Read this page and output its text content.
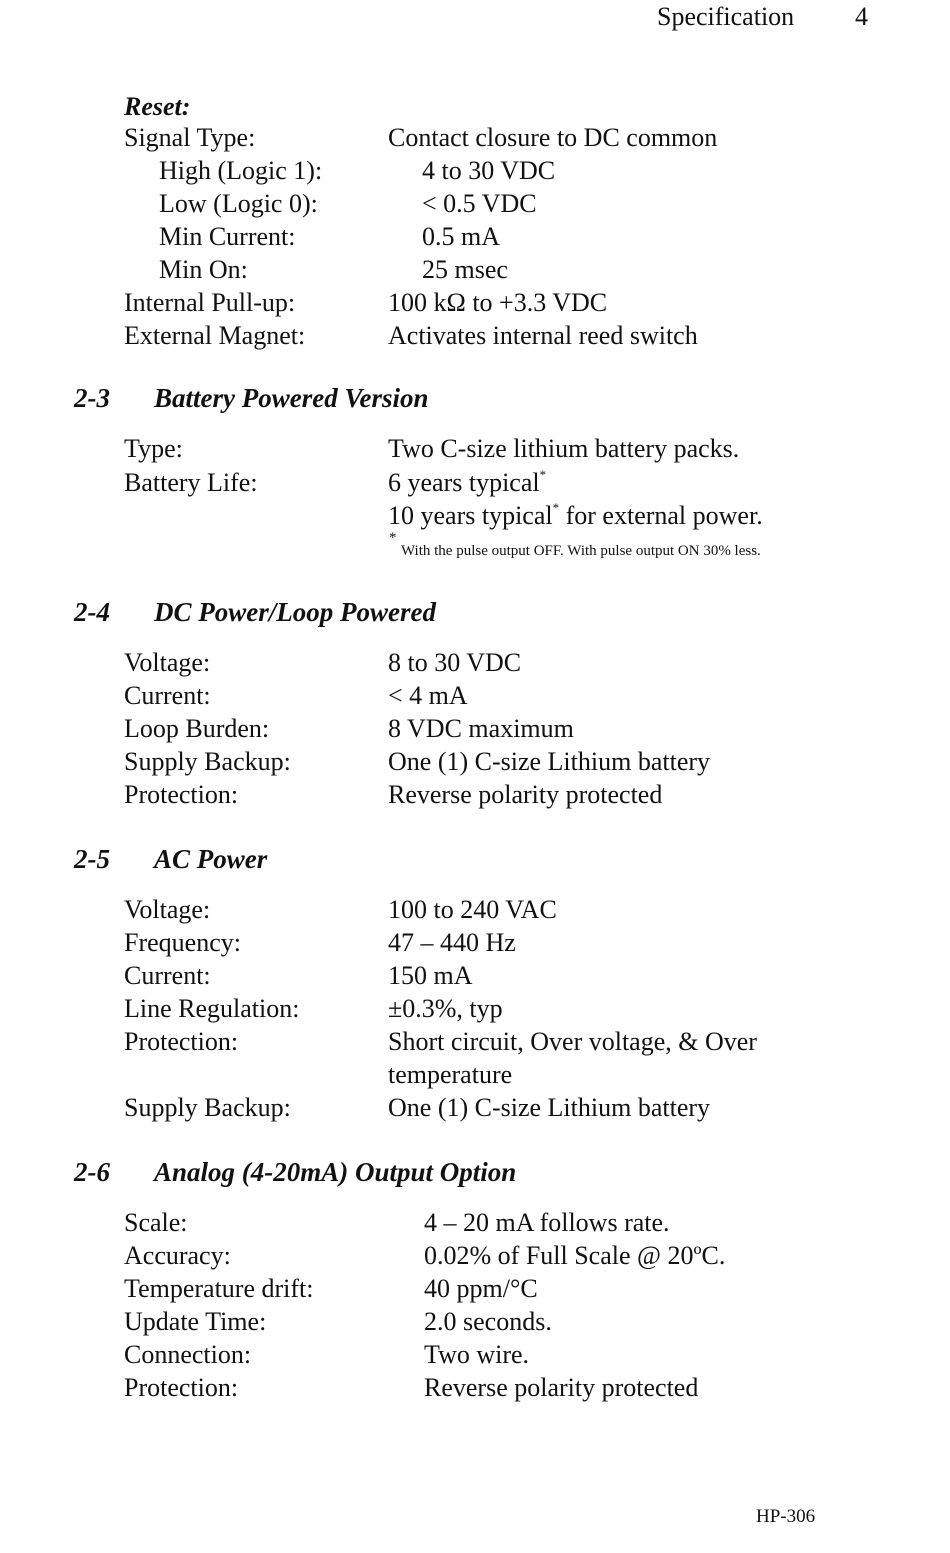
Specification 4
Reset:
Signal Type:	Contact closure to DC common
High (Logic 1):	4 to 30 VDC
Low (Logic 0):	< 0.5 VDC
Min Current:	0.5 mA
Min On:	25 msec
Internal Pull-up:	100 kΩ to +3.3 VDC
External Magnet:	Activates internal reed switch
2-3 Battery Powered Version
Type:	Two C-size lithium battery packs.
Battery Life:	6 years typical*
10 years typical* for external power.
*
With the pulse output OFF. With pulse output ON 30% less.
2-4 DC Power/Loop Powered
Voltage:	8 to 30 VDC
Current:	< 4 mA
Loop Burden:	8 VDC maximum
Supply Backup:	One (1) C-size Lithium battery
Protection:	Reverse polarity protected
2-5 AC Power
Voltage:	100 to 240 VAC
Frequency:	47 – 440 Hz
Current:	150 mA
Line Regulation:	±0.3%, typ
Protection:	Short circuit, Over voltage, & Over
temperature
Supply Backup:	One (1) C-size Lithium battery
2-6 Analog (4-20mA) Output Option
Scale:	4 – 20 mA follows rate.
Accuracy:	0.02% of Full Scale @ 20ºC.
Temperature drift:	40 ppm/°C
Update Time:	2.0 seconds.
Connection:	Two wire.
Protection:	Reverse polarity protected
HP-306
